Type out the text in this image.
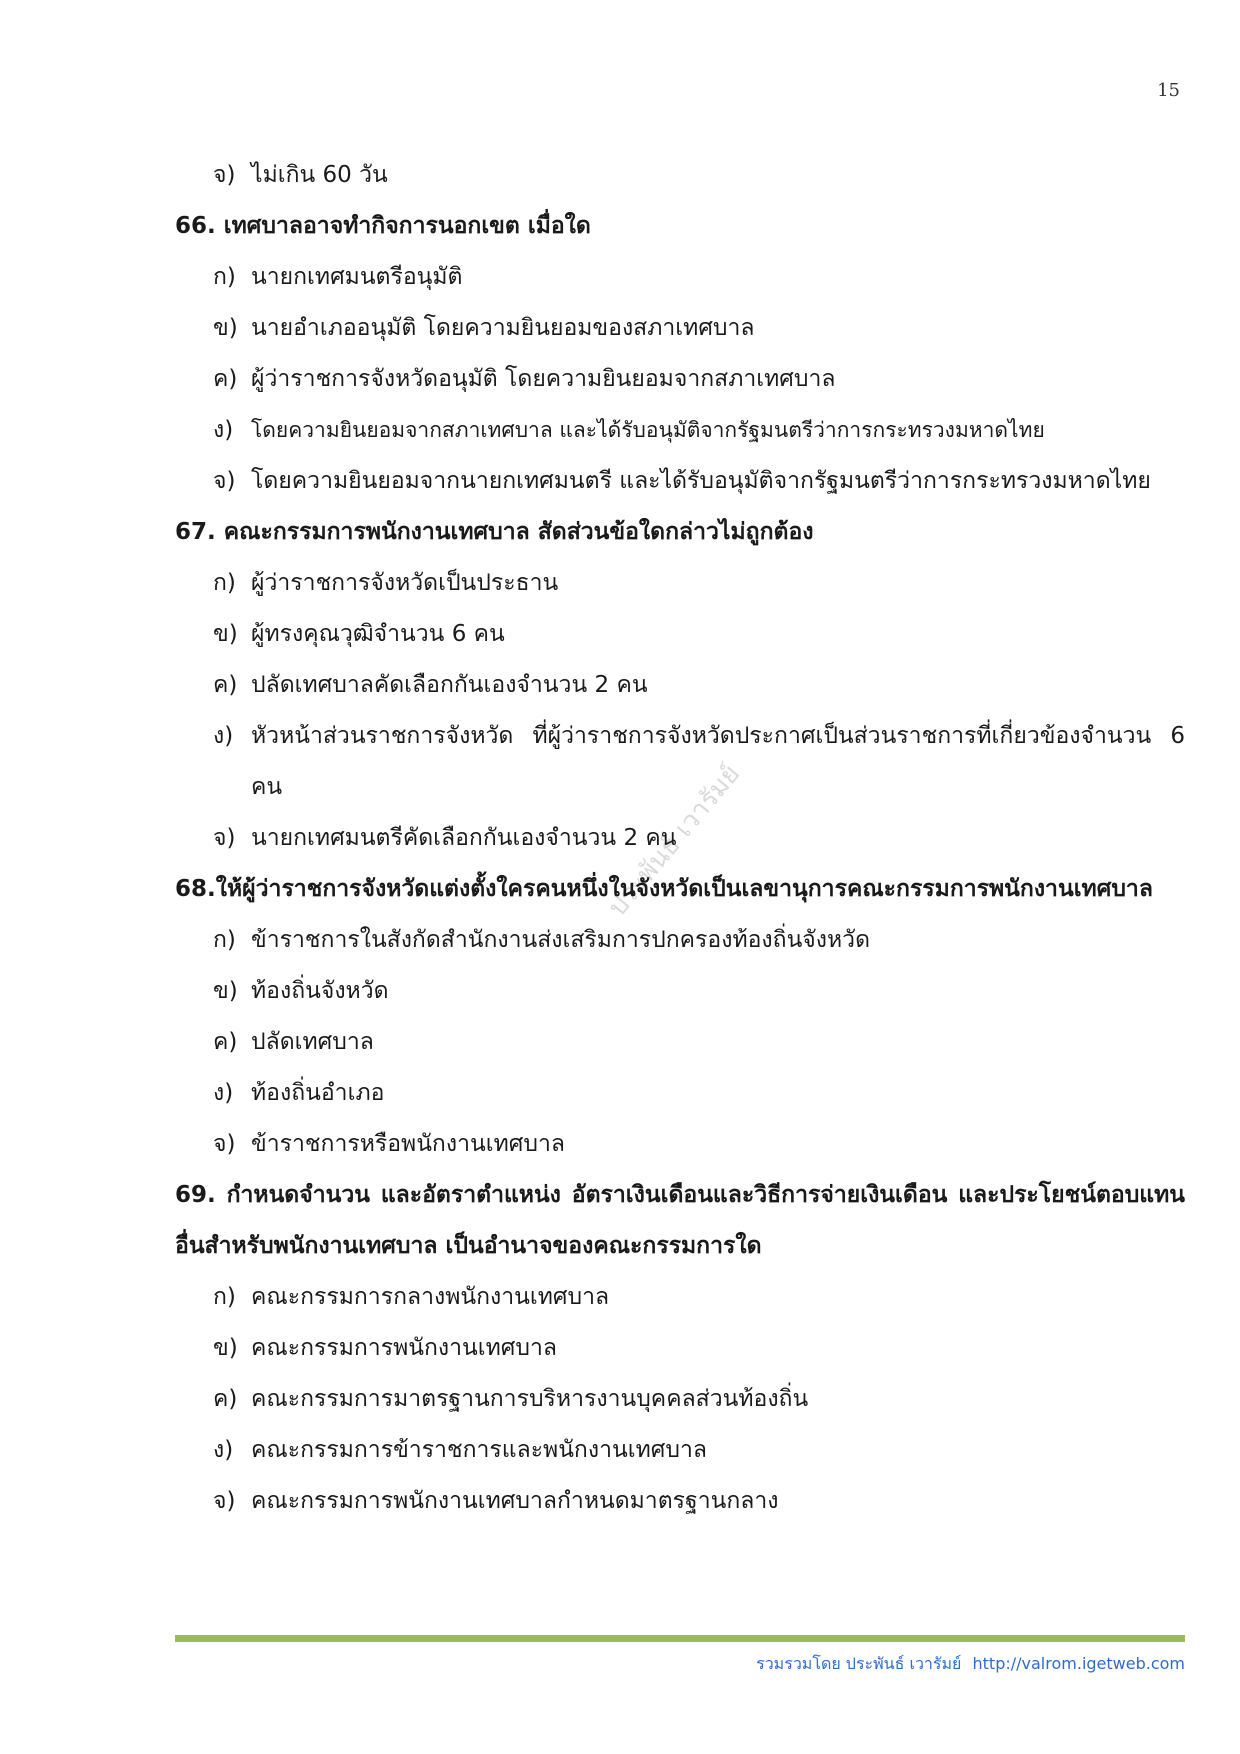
15
ประพันธ์ เวารัมย์
จ) ไม่เกิน 60 วัน

66. เทศบาลอาจทำกิจการนอกเขต เมื่อใด

ก) นายกเทศมนตรีอนุมัติ
ข) นายอำเภออนุมัติ โดยความยินยอมของสภาเทศบาล
ค) ผู้ว่าราชการจังหวัดอนุมัติ โดยความยินยอมจากสภาเทศบาล
ง) โดยความยินยอมจากสภาเทศบาล และได้รับอนุมัติจากรัฐมนตรีว่าการกระทรวงมหาดไทย
จ) โดยความยินยอมจากนายกเทศมนตรี และได้รับอนุมัติจากรัฐมนตรีว่าการกระทรวงมหาดไทย

67. คณะกรรมการพนักงานเทศบาล สัดส่วนข้อใดกล่าวไม่ถูกต้อง

ก) ผู้ว่าราชการจังหวัดเป็นประธาน
ข) ผู้ทรงคุณวุฒิจำนวน 6 คน
ค) ปลัดเทศบาลคัดเลือกกันเองจำนวน 2 คน
ง) หัวหน้าส่วนราชการจังหวัด ที่ผู้ว่าราชการจังหวัดประกาศเป็นส่วนราชการที่เกี่ยวข้องจำนวน 6 คน
จ) นายกเทศมนตรีคัดเลือกกันเองจำนวน 2 คน

68.ให้ผู้ว่าราชการจังหวัดแต่งตั้งใครคนหนึ่งในจังหวัดเป็นเลขานุการคณะกรรมการพนักงานเทศบาล

ก) ข้าราชการในสังกัดสำนักงานส่งเสริมการปกครองท้องถิ่นจังหวัด
ข) ท้องถิ่นจังหวัด
ค) ปลัดเทศบาล
ง) ท้องถิ่นอำเภอ
จ) ข้าราชการหรือพนักงานเทศบาล

69. กำหนดจำนวน และอัตราตำแหน่ง อัตราเงินเดือนและวิธีการจ่ายเงินเดือน และประโยชน์ตอบแทนอื่นสำหรับพนักงานเทศบาล เป็นอำนาจของคณะกรรมการใด

ก) คณะกรรมการกลางพนักงานเทศบาล
ข) คณะกรรมการพนักงานเทศบาล
ค) คณะกรรมการมาตรฐานการบริหารงานบุคคลส่วนท้องถิ่น
ง) คณะกรรมการข้าราชการและพนักงานเทศบาล
จ) คณะกรรมการพนักงานเทศบาลกำหนดมาตรฐานกลาง
รวมรวมโดย ประพันธ์ เวารัมย์ http://valrom.igetweb.com
